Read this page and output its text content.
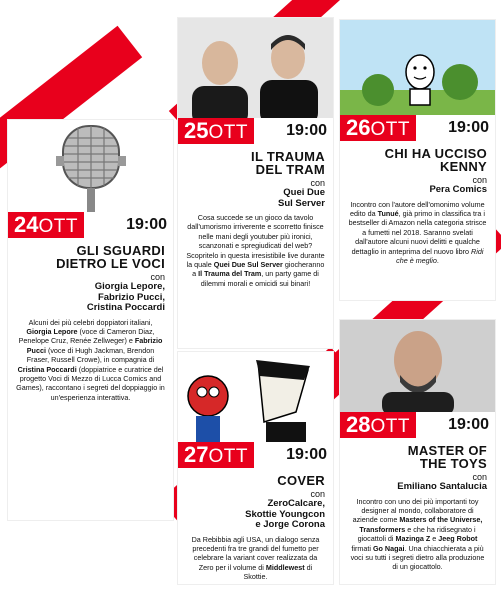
24OTT	19:00
GLI SGUARDI
DIETRO LE VOCI
con
Giorgia Lepore,
Fabrizio Pucci,
Cristina Poccardi
Alcuni dei più celebri doppiatori italiani, Giorgia Lepore (voce di Cameron Diaz, Penelope Cruz, Renée Zellweger) e Fabrizio Pucci (voce di Hugh Jackman, Brendon Fraser, Russell Crowe), in compagnia di Cristina Poccardi (doppiatrice e curatrice del progetto Voci di Mezzo di Lucca Comics and Games), raccontano i segreti del doppiaggio in un'esperienza interattiva.
25OTT	19:00
IL TRAUMA
DEL TRAM
con
Quei Due
Sul Server
Cosa succede se un gioco da tavolo dall'umorismo irriverente e scorretto finisce nelle mani degli youtuber più ironici, scanzonati e spregiudicati del web? Scopritelo in questa irresistibile live durante la quale Quei Due Sul Server giocheranno a Il Trauma del Tram, un party game di dilemmi morali e omicidi sui binari!
26OTT	19:00
CHI HA UCCISO
KENNY
con
Pera Comics
Incontro con l'autore dell'omonimo volume edito da Tunué, già primo in classifica tra i bestseller di Amazon nella categoria strisce a fumetti nel 2018. Saranno svelati dall'autore alcuni nuovi delitti e qualche dettaglio in anteprima del nuovo libro Ridi che è meglio.
27OTT	19:00
COVER
con
ZeroCalcare,
Skottie Youngcon
e Jorge Corona
Da Rebibbia agli USA, un dialogo senza precedenti fra tre grandi del fumetto per celebrare la variant cover realizzata da Zero per il volume di Middlewest di Skottie.
28OTT	19:00
MASTER OF
THE TOYS
con
Emiliano Santalucia
Incontro con uno dei più importanti toy designer al mondo, collaboratore di aziende come Masters of the Universe, Transformers e che ha ridisegnato i giocattoli di Mazinga Z e Jeeg Robot firmati Go Nagai. Una chiacchierata a più voci su tutti i segreti dietro alla produzione di un giocattolo.
